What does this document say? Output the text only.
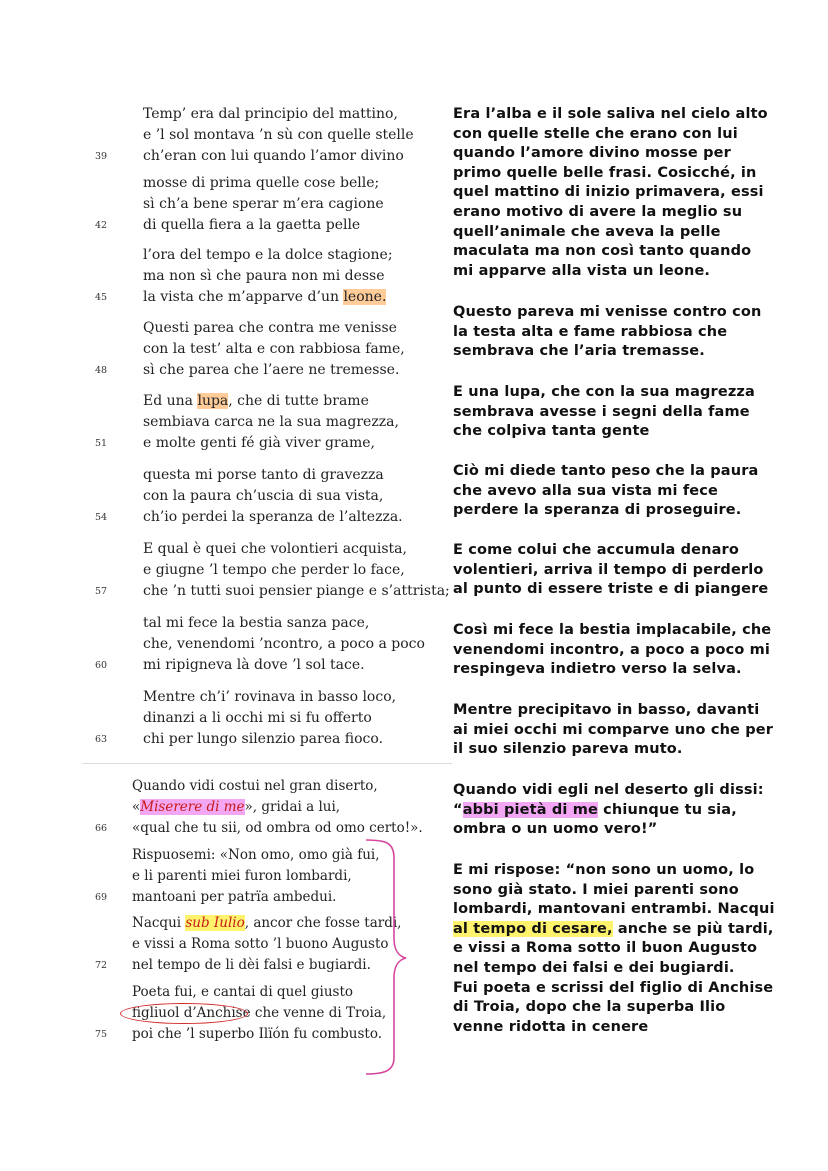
Temp’ era dal principio del mattino,
e ’l sol montava ’n sù con quelle stelle
ch’eran con lui quando l’amor divino
39
mosse di prima quelle cose belle;
sì ch’a bene sperar m’era cagione
di quella fiera a la gaetta pelle
42
l’ora del tempo e la dolce stagione;
ma non sì che paura non mi desse
la vista che m’apparve d’un leone.
45
Questi parea che contra me venisse
con la test’ alta e con rabbiosa fame,
sì che parea che l’aere ne tremesse.
48
Ed una lupa, che di tutte brame
sembiava carca ne la sua magrezza,
e molte genti fé già viver grame,
51
questa mi porse tanto di gravezza
con la paura ch’uscia di sua vista,
ch’io perdei la speranza de l’altezza.
54
E qual è quei che volontieri acquista,
e giugne ’l tempo che perder lo face,
che ’n tutti suoi pensier piange e s’attrista;
57
tal mi fece la bestia sanza pace,
che, venendomi ’ncontro, a poco a poco
mi ripigneva là dove ’l sol tace.
60
Mentre ch’i’ rovinava in basso loco,
dinanzi a li occhi mi si fu offerto
chi per lungo silenzio parea fioco.
63
Quando vidi costui nel gran diserto,
«Miserere di me», gridai a lui,
«qual che tu sii, od ombra od omo certo!».
66
Rispuosemi: «Non omo, omo già fui,
e li parenti miei furon lombardi,
mantoani per patrïa ambedui.
69
Nacqui sub Iulio, ancor che fosse tardi,
e vissi a Roma sotto ’l buono Augusto
nel tempo de li dèi falsi e bugiardi.
72
Poeta fui, e cantai di quel giusto
figliuol d’Anchise che venne di Troia,
poi che ’l superbo Ilïón fu combusto.
75
Era l’alba e il sole saliva nel cielo alto
con quelle stelle che erano con lui
quando l’amore divino mosse per
primo quelle belle frasi. Cosicché, in
quel mattino di inizio primavera, essi
erano motivo di avere la meglio su
quell’animale che aveva la pelle
maculata ma non così tanto quando
mi apparve alla vista un leone.
Questo pareva mi venisse contro con
la testa alta e fame rabbiosa che
sembrava che l’aria tremasse.
E una lupa, che con la sua magrezza
sembrava avesse i segni della fame
che colpiva tanta gente
Ciò mi diede tanto peso che la paura
che avevo alla sua vista mi fece
perdere la speranza di proseguire.
E come colui che accumula denaro
volentieri, arriva il tempo di perderlo
al punto di essere triste e di piangere
Così mi fece la bestia implacabile, che
venendomi incontro, a poco a poco mi
respingeva indietro verso la selva.
Mentre precipitavo in basso, davanti
ai miei occhi mi comparve uno che per
il suo silenzio pareva muto.
Quando vidi egli nel deserto gli dissi:
“abbi pietà di me chiunque tu sia,
ombra o un uomo vero!”
E mi rispose: “non sono un uomo, lo
sono già stato. I miei parenti sono
lombardi, mantovani entrambi. Nacqui
al tempo di cesare, anche se più tardi,
e vissi a Roma sotto il buon Augusto
nel tempo dei falsi e dei bugiardi.
Fui poeta e scrissi del figlio di Anchise
di Troia, dopo che la superba Ilio
venne ridotta in cenere
